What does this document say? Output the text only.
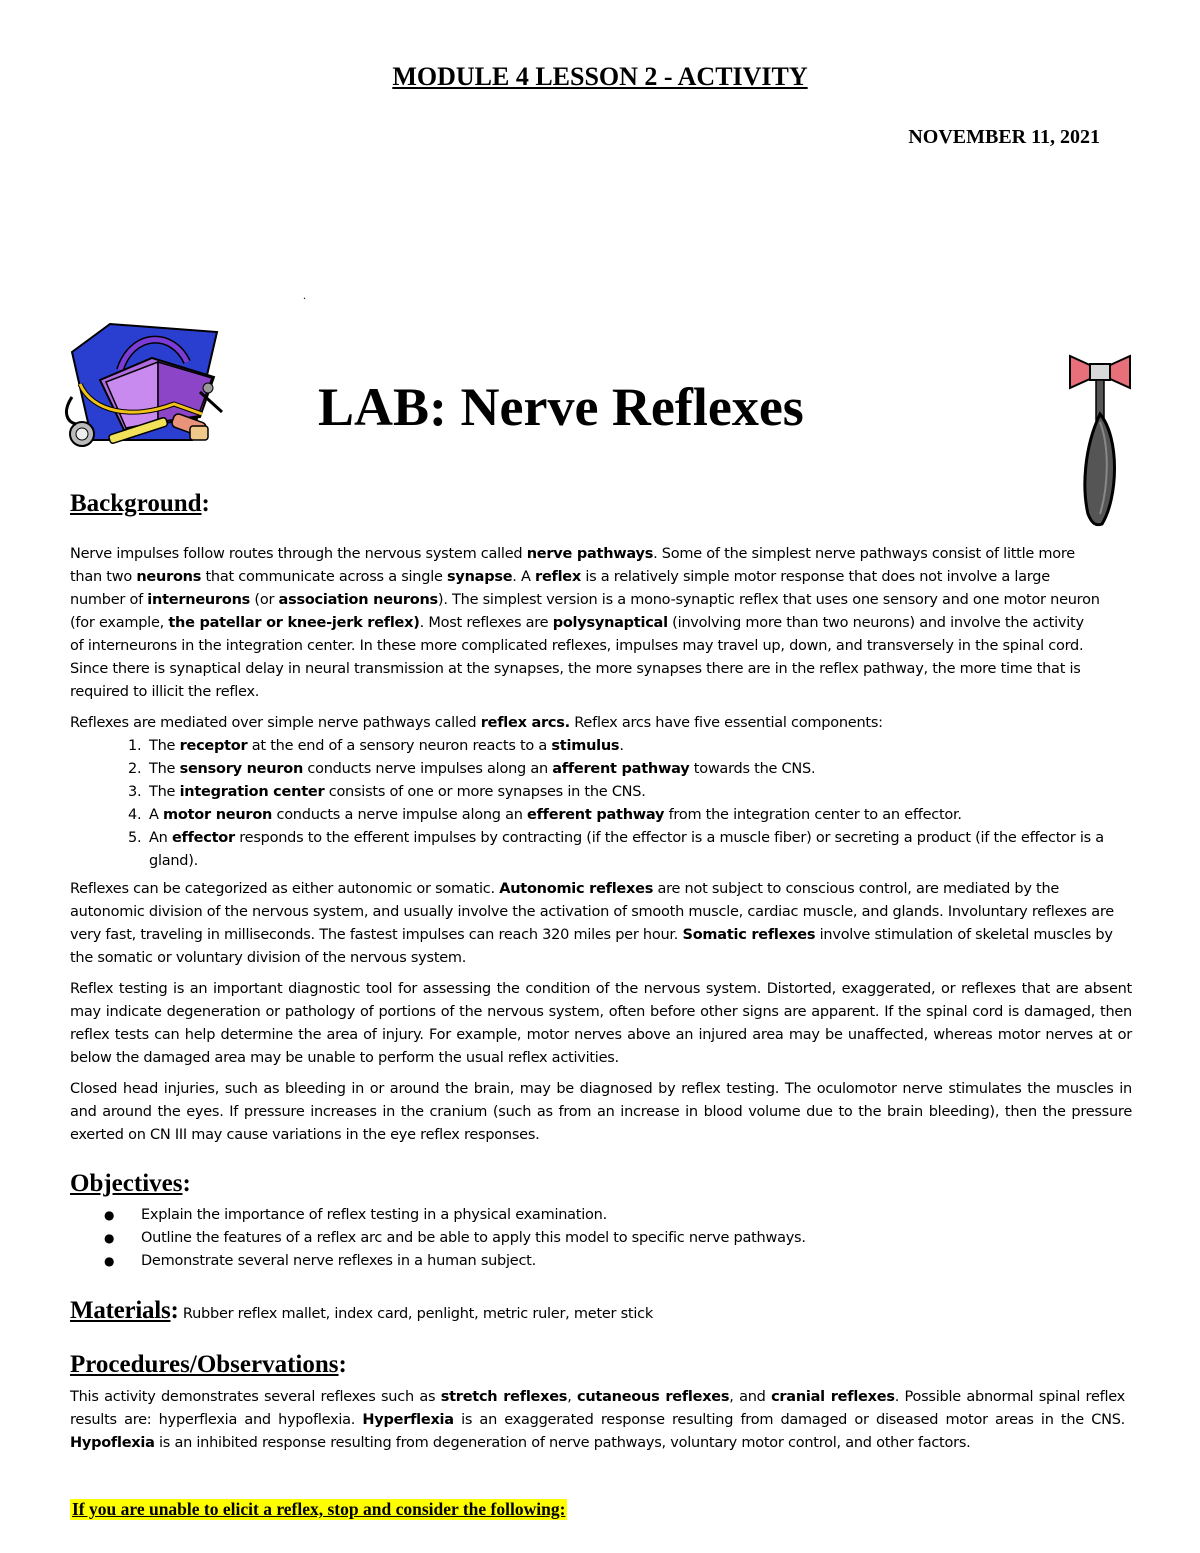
MODULE 4 LESSON 2 - ACTIVITY
NOVEMBER 11, 2021
.
LAB: Nerve Reflexes
Background:
Nerve impulses follow routes through the nervous system called nerve pathways. Some of the simplest nerve pathways consist of little more than two neurons that communicate across a single synapse. A reflex is a relatively simple motor response that does not involve a large number of interneurons (or association neurons). The simplest version is a mono-synaptic reflex that uses one sensory and one motor neuron (for example, the patellar or knee-jerk reflex). Most reflexes are polysynaptical (involving more than two neurons) and involve the activity of interneurons in the integration center. In these more complicated reflexes, impulses may travel up, down, and transversely in the spinal cord. Since there is synaptical delay in neural transmission at the synapses, the more synapses there are in the reflex pathway, the more time that is required to illicit the reflex.
Reflexes are mediated over simple nerve pathways called reflex arcs. Reflex arcs have five essential components:
1. The receptor at the end of a sensory neuron reacts to a stimulus.
2. The sensory neuron conducts nerve impulses along an afferent pathway towards the CNS.
3. The integration center consists of one or more synapses in the CNS.
4. A motor neuron conducts a nerve impulse along an efferent pathway from the integration center to an effector.
5. An effector responds to the efferent impulses by contracting (if the effector is a muscle fiber) or secreting a product (if the effector is a gland).
Reflexes can be categorized as either autonomic or somatic. Autonomic reflexes are not subject to conscious control, are mediated by the autonomic division of the nervous system, and usually involve the activation of smooth muscle, cardiac muscle, and glands. Involuntary reflexes are very fast, traveling in milliseconds. The fastest impulses can reach 320 miles per hour. Somatic reflexes involve stimulation of skeletal muscles by the somatic or voluntary division of the nervous system.
Reflex testing is an important diagnostic tool for assessing the condition of the nervous system. Distorted, exaggerated, or reflexes that are absent may indicate degeneration or pathology of portions of the nervous system, often before other signs are apparent. If the spinal cord is damaged, then reflex tests can help determine the area of injury. For example, motor nerves above an injured area may be unaffected, whereas motor nerves at or below the damaged area may be unable to perform the usual reflex activities.
Closed head injuries, such as bleeding in or around the brain, may be diagnosed by reflex testing. The oculomotor nerve stimulates the muscles in and around the eyes. If pressure increases in the cranium (such as from an increase in blood volume due to the brain bleeding), then the pressure exerted on CN III may cause variations in the eye reflex responses.
Objectives:
● Explain the importance of reflex testing in a physical examination.
● Outline the features of a reflex arc and be able to apply this model to specific nerve pathways.
● Demonstrate several nerve reflexes in a human subject.
Materials: Rubber reflex mallet, index card, penlight, metric ruler, meter stick
Procedures/Observations:
This activity demonstrates several reflexes such as stretch reflexes, cutaneous reflexes, and cranial reflexes. Possible abnormal spinal reflex results are: hyperflexia and hypoflexia. Hyperflexia is an exaggerated response resulting from damaged or diseased motor areas in the CNS. Hypoflexia is an inhibited response resulting from degeneration of nerve pathways, voluntary motor control, and other factors.
If you are unable to elicit a reflex, stop and consider the following:
